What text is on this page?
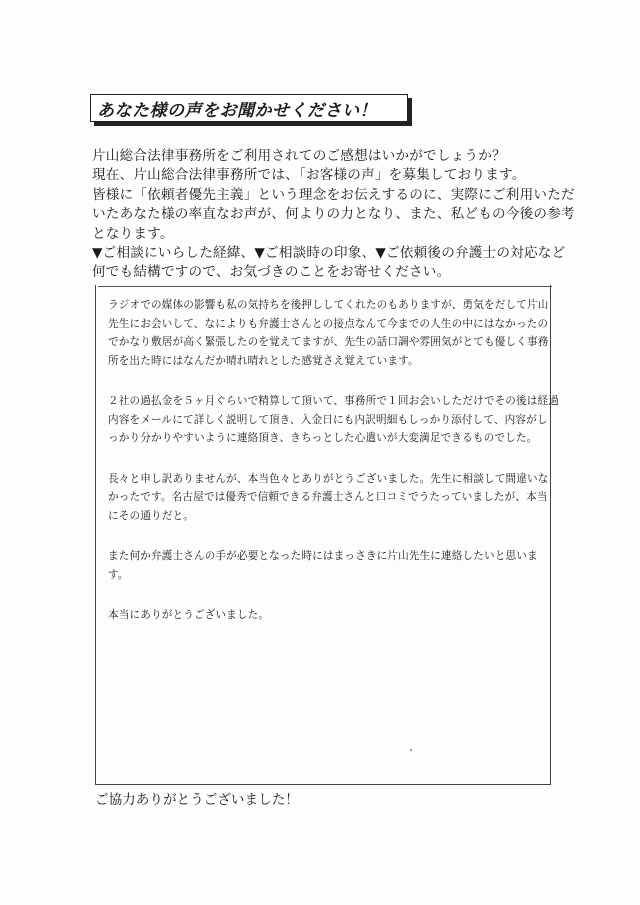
あなた様の声をお聞かせください！
片山総合法律事務所をご利用されてのご感想はいかがでしょうか？
現在、片山総合法律事務所では、「お客様の声」を募集しております。
皆様に「依頼者優先主義」という理念をお伝えするのに、実際にご利用いただ
いたあなた様の率直なお声が、何よりの力となり、また、私どもの今後の参考
となります。
▼ご相談にいらした経緯、▼ご相談時の印象、▼ご依頼後の弁護士の対応など
何でも結構ですので、お気づきのことをお寄せください。
ラジオでの媒体の影響も私の気持ちを後押ししてくれたのもありますが、勇気をだして片山
先生にお会いして、なによりも弁護士さんとの接点なんて今までの人生の中にはなかったの
でかなり敷居が高く緊張したのを覚えてますが、先生の話口調や雰囲気がとても優しく事務
所を出た時にはなんだか晴れ晴れとした感覚さえ覚えています。
２社の過払金を５ヶ月ぐらいで精算して頂いて、事務所で１回お会いしただけでその後は経過
内容をメールにて詳しく説明して頂き、入金日にも内訳明細もしっかり添付して、内容がし
っかり分かりやすいように連絡頂き、きちっとした心遣いが大変満足できるものでした。
長々と申し訳ありませんが、本当色々とありがとうございました。先生に相談して間違いな
かったです。名古屋では優秀で信頼できる弁護士さんと口コミでうたっていましたが、本当
にその通りだと。
また何か弁護士さんの手が必要となった時にはまっさきに片山先生に連絡したいと思いま
す。
本当にありがとうございました。
ご協力ありがとうございました！
